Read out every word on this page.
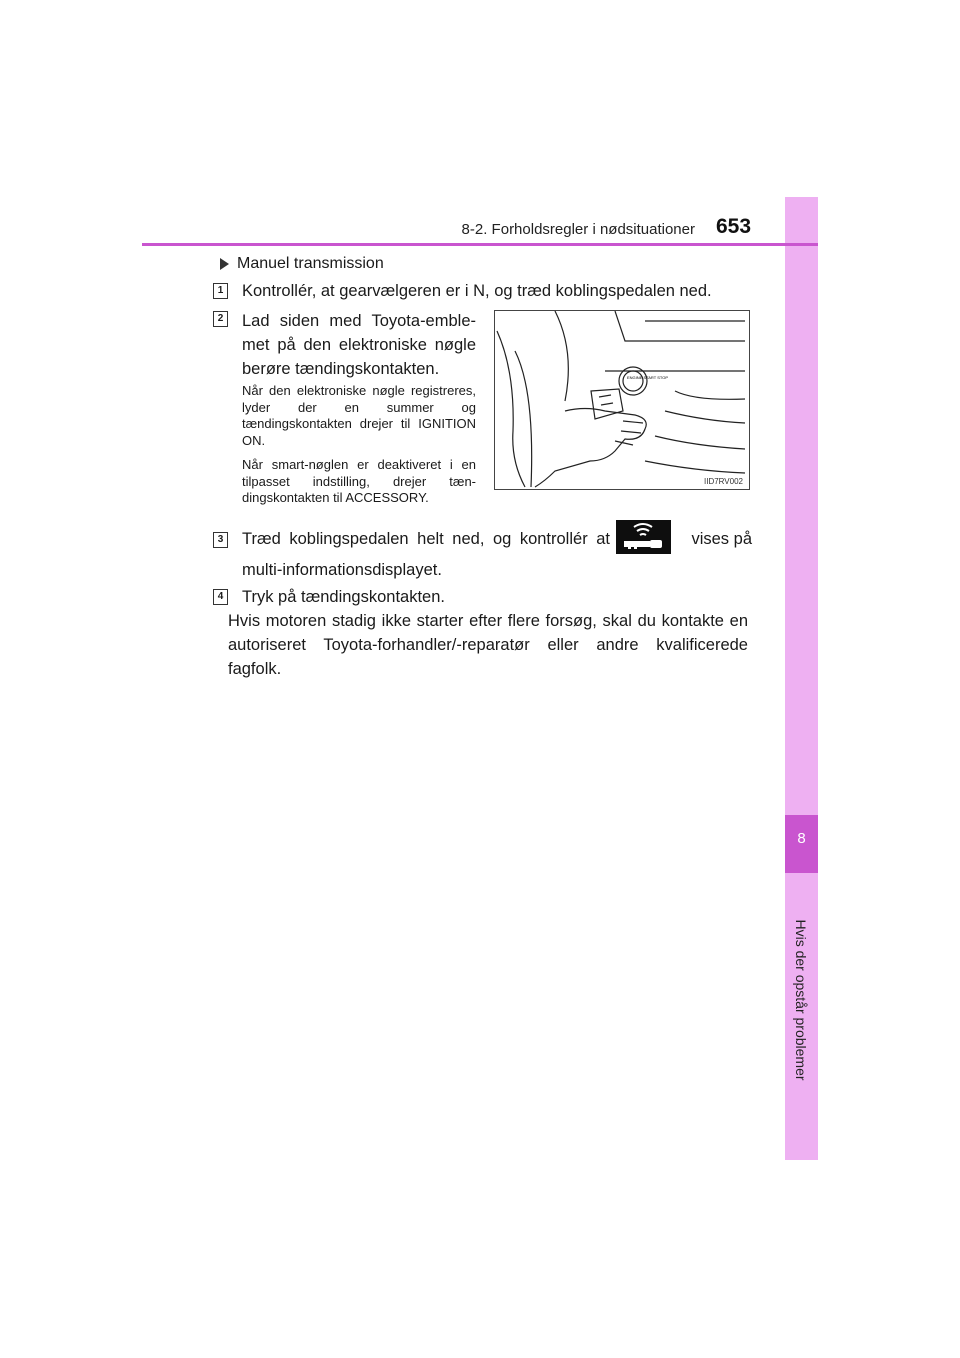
8
Hvis der opstår problemer
8-2. Forholdsregler i nødsituationer 653
Manuel transmission
1 Kontrollér, at gearvælgeren er i N, og træd koblingspedalen ned.
2 Lad siden med Toyota-emble-met på den elektroniske nøgle berøre tændingskontakten.
Når den elektroniske nøgle registreres, lyder der en summer og tændingskontakten drejer til IGNITION ON.
Når smart-nøglen er deaktiveret i en tilpasset indstilling, drejer tæn-dingskontakten til ACCESSORY.
ENGINE START STOP
IID7RV002
3 Træd koblingspedalen helt ned, og kontrollér at	vises på
multi-informationsdisplayet.
4 Tryk på tændingskontakten.
Hvis motoren stadig ikke starter efter flere forsøg, skal du kontakte en autoriseret Toyota-forhandler/-reparatør eller andre kvalificerede fagfolk.
